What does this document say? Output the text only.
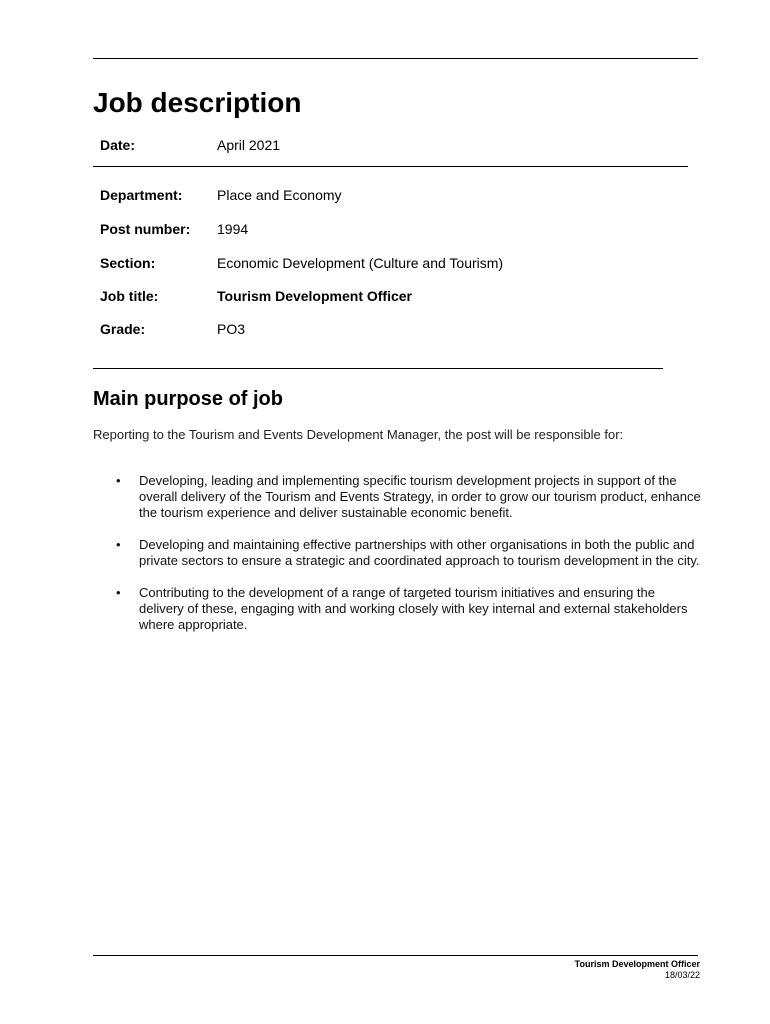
Job description
Date:	April 2021
Department: Place and Economy
Post number: 1994
Section:	Economic Development (Culture and Tourism)
Job title:	Tourism Development Officer
Grade:	PO3
Main purpose of job
Reporting to the Tourism and Events Development Manager, the post will be responsible for:
• Developing, leading and implementing specific tourism development projects in support of the overall delivery of the Tourism and Events Strategy, in order to grow our tourism product, enhance the tourism experience and deliver sustainable economic benefit.
• Developing and maintaining effective partnerships with other organisations in both the public and private sectors to ensure a strategic and coordinated approach to tourism development in the city.
• Contributing to the development of a range of targeted tourism initiatives and ensuring the delivery of these, engaging with and working closely with key internal and external stakeholders where appropriate.
Tourism Development Officer
18/03/22
